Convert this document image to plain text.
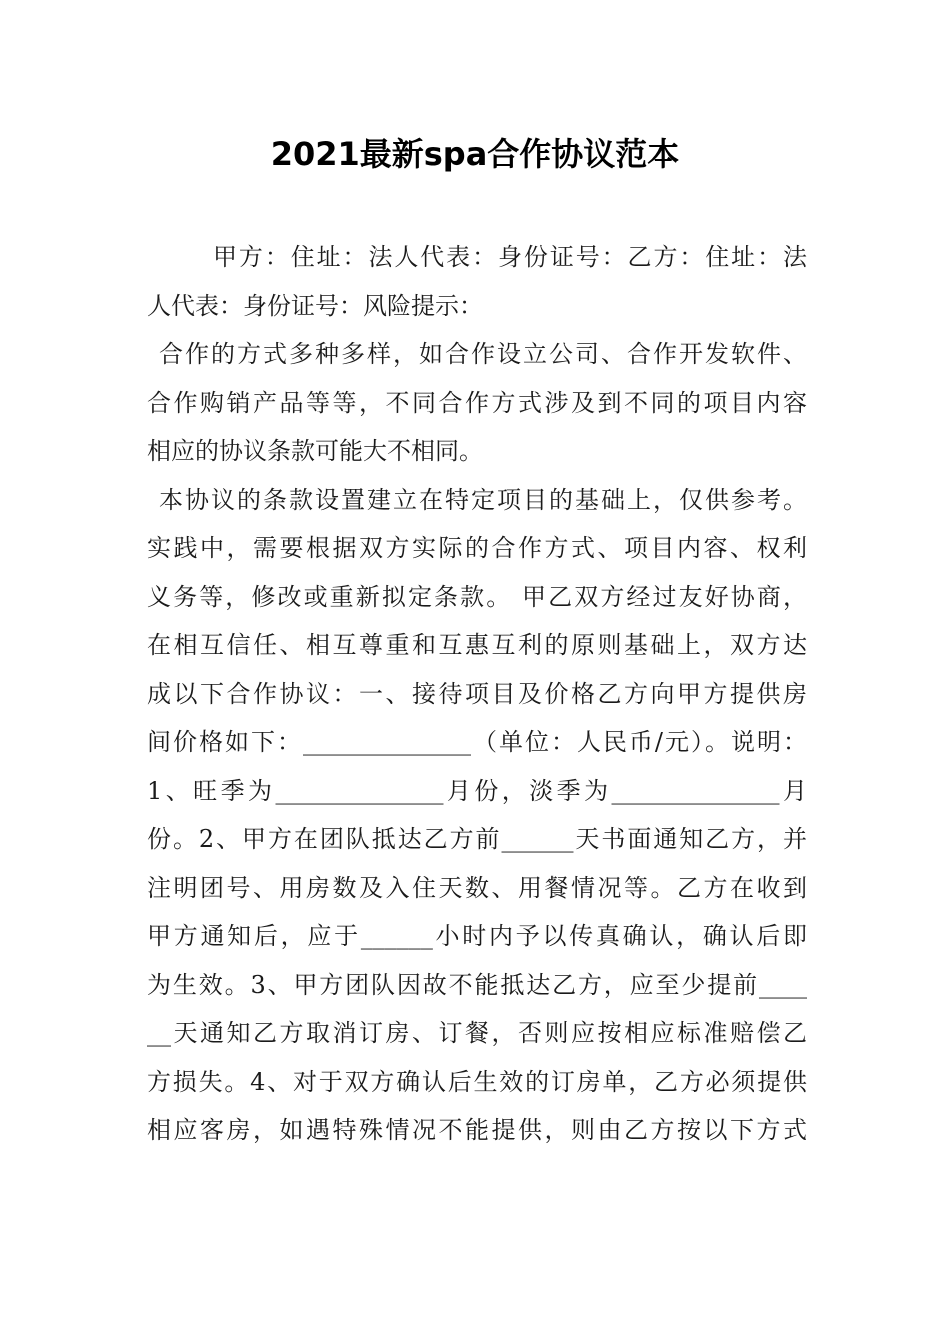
2021最新spa合作协议范本
甲方：住址：法人代表：身份证号：乙方：住址：法
人代表：身份证号：风险提示：
合作的方式多种多样，如合作设立公司、合作开发软件、
合作购销产品等等，不同合作方式涉及到不同的项目内容
相应的协议条款可能大不相同。
本协议的条款设置建立在特定项目的基础上，仅供参考。
实践中，需要根据双方实际的合作方式、项目内容、权利
义务等，修改或重新拟定条款。 甲乙双方经过友好协商，
在相互信任、相互尊重和互惠互利的原则基础上，双方达
成以下合作协议：一、接待项目及价格乙方向甲方提供房
间价格如下：______________（单位：人民币/元）。说明：
1、旺季为______________月份，淡季为______________月
份。2、甲方在团队抵达乙方前______天书面通知乙方，并
注明团号、用房数及入住天数、用餐情况等。乙方在收到
甲方通知后，应于______小时内予以传真确认，确认后即
为生效。3、甲方团队因故不能抵达乙方，应至少提前____
__天通知乙方取消订房、订餐，否则应按相应标准赔偿乙
方损失。4、对于双方确认后生效的订房单，乙方必须提供
相应客房，如遇特殊情况不能提供，则由乙方按以下方式
